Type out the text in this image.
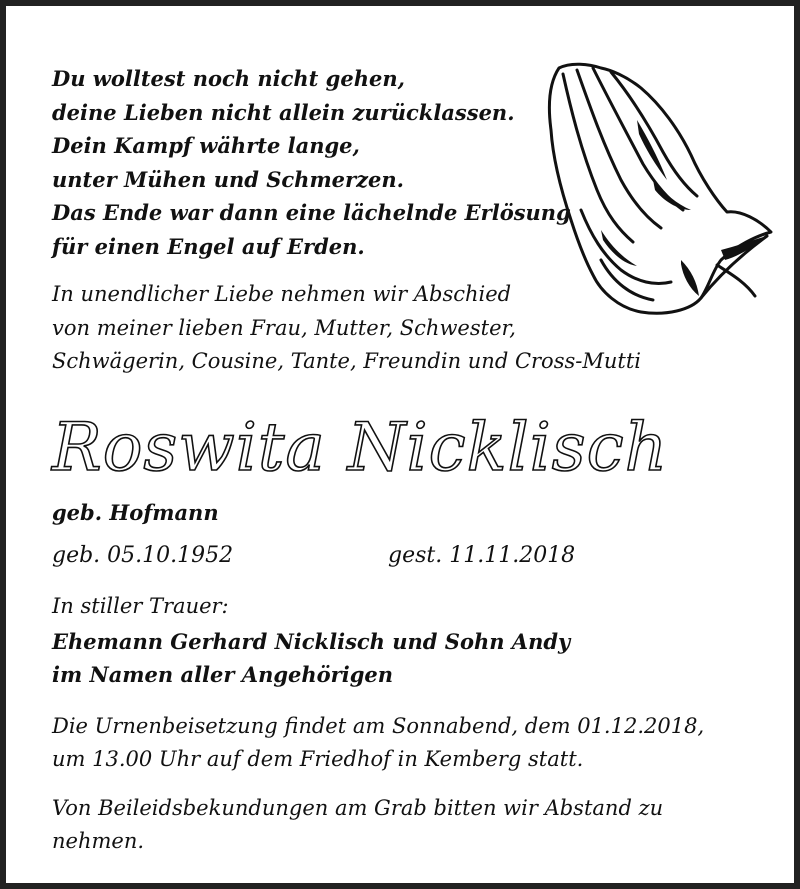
Du wolltest noch nicht gehen,
deine Lieben nicht allein zurücklassen.
Dein Kampf währte lange,
unter Mühen und Schmerzen.
Das Ende war dann eine lächelnde Erlösung
für einen Engel auf Erden.
In unendlicher Liebe nehmen wir Abschied
von meiner lieben Frau, Mutter, Schwester,
Schwägerin, Cousine, Tante, Freundin und Cross-Mutti
Roswita Nicklisch
geb. Hofmann
geb. 05.10.1952	gest. 11.11.2018
In stiller Trauer:
Ehemann Gerhard Nicklisch und Sohn Andy
im Namen aller Angehörigen
Die Urnenbeisetzung findet am Sonnabend, dem 01.12.2018,
um 13.00 Uhr auf dem Friedhof in Kemberg statt.
Von Beileidsbekundungen am Grab bitten wir Abstand zu
nehmen.
